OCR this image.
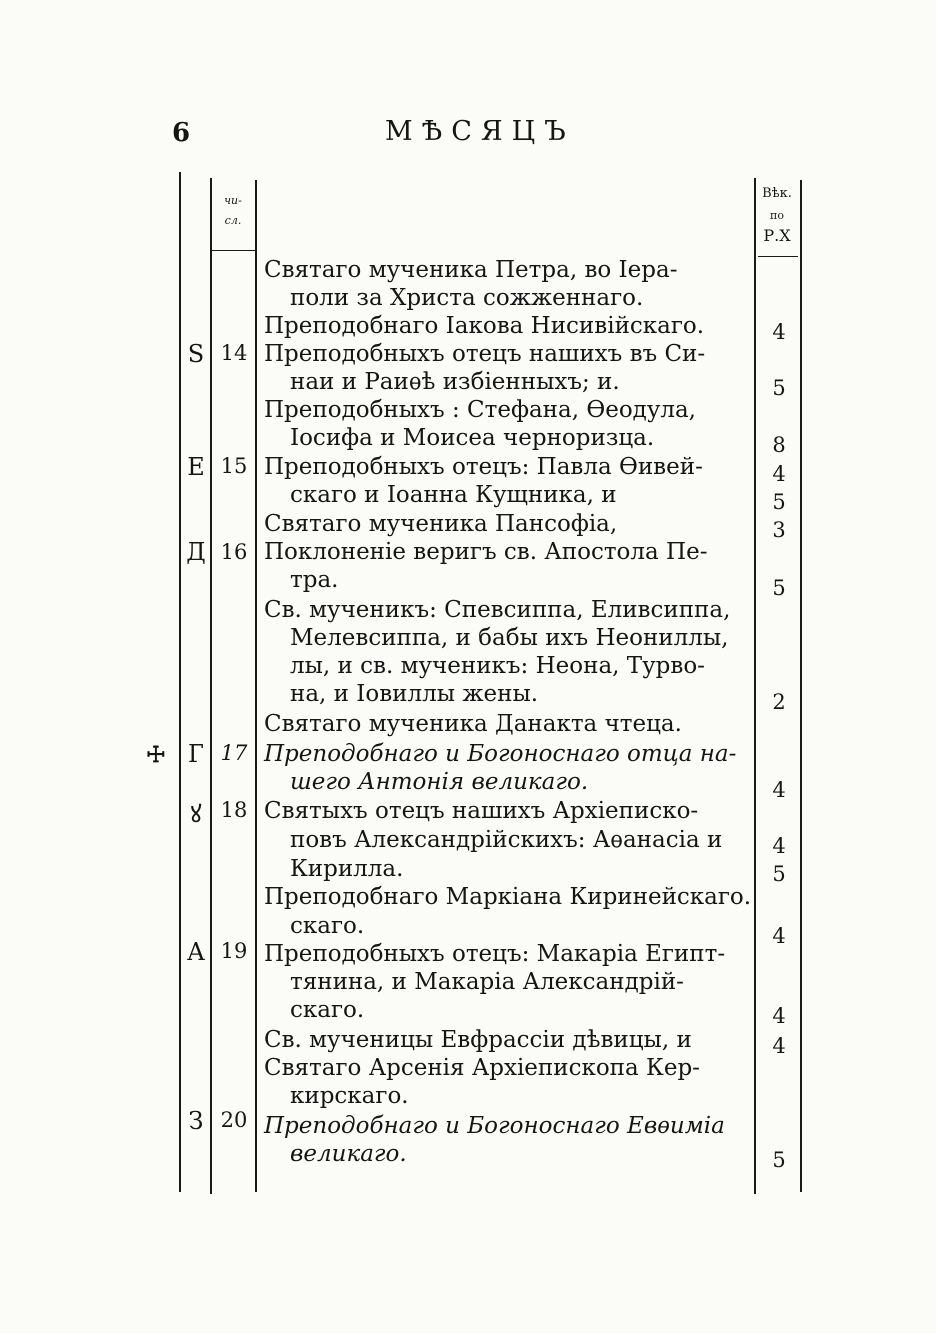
6	МѢСЯЦЪ
чи-
сл.
Вѣк.
по
Р.Х
☩
S
Е
Д
Г
ꙋ
А
З
14
15
16
17
18
19
20
Святаго мученика Петра, во Іера-
поли за Христа сожженнаго.
Преподобнаго Іакова Нисивійскаго.
Преподобныхъ отецъ нашихъ въ Си-
наи и Раиѳѣ избіенныхъ; и.
Преподобныхъ : Стефана, Ѳеодула,
Іосифа и Моисеа черноризца.
Преподобныхъ отецъ: Павла Ѳивей-
скаго и Іоанна Кущника, и
Святаго мученика Пансофіа,
Поклоненіе веригъ св. Апостола Пе-
тра.
Св. мученикъ: Спевсиппа, Еливсиппа,
Мелевсиппа, и бабы ихъ Неониллы,
лы, и св. мученикъ: Неона, Турво-
на, и Іовиллы жены.
Святаго мученика Данакта чтеца.
Преподобнаго и Богоноснаго отца на-
шего Антонія великаго.
Святыхъ отецъ нашихъ Архіеписко-
повъ Александрійскихъ: Аѳанасіа и
Кирилла.
Преподобнаго Маркіана Киринейскаго.
скаго.
Преподобныхъ отецъ: Макаріа Египт-
тянина, и Макаріа Александрій-
скаго.
Св. мученицы Евфрассіи дѣвицы, и
Святаго Арсенія Архіепископа Кер-
кирскаго.
Преподобнаго и Богоноснаго Евѳиміа
великаго.
4
5
8
4
5
3
5
2
4
4
5
4
4
4
5
